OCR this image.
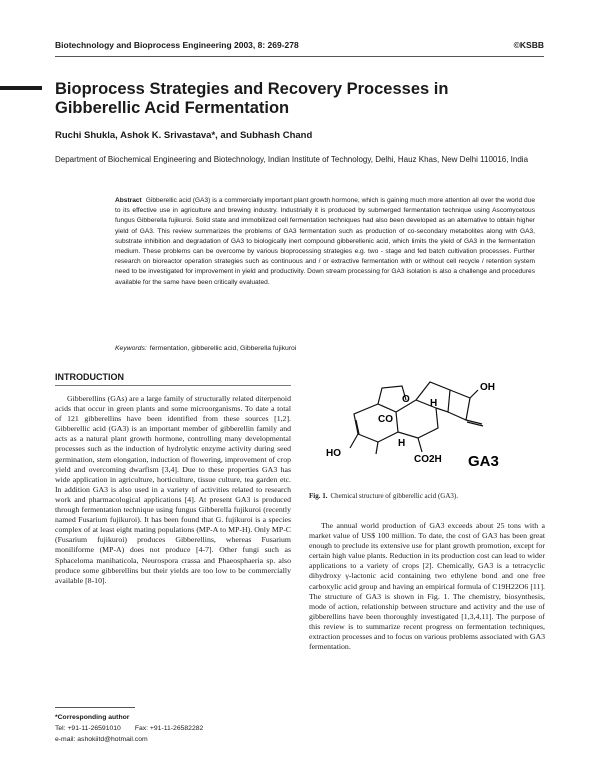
Biotechnology and Bioprocess Engineering 2003, 8: 269-278	©KSBB
Bioprocess Strategies and Recovery Processes in Gibberellic Acid Fermentation
Ruchi Shukla, Ashok K. Srivastava*, and Subhash Chand
Department of Biochemical Engineering and Biotechnology, Indian Institute of Technology, Delhi, Hauz Khas, New Delhi 110016, India
Abstract Gibberellic acid (GA3) is a commercially important plant growth hormone, which is gaining much more attention all over the world due to its effective use in agriculture and brewing industry. Industrially it is produced by submerged fermentation technique using Ascomycetous fungus Gibberella fujikuroi. Solid state and immobilized cell fermentation techniques had also been developed as an alternative to obtain higher yield of GA3. This review summarizes the problems of GA3 fermentation such as production of co-secondary metabolites along with GA3, substrate inhibition and degradation of GA3 to biologically inert compound gibberellenic acid, which limits the yield of GA3 in the fermentation medium. These problems can be overcome by various bioprocessing strategies e.g. two - stage and fed batch cultivation processes. Further research on bioreactor operation strategies such as continuous and / or extractive fermentation with or without cell recycle / retention system need to be investigated for improvement in yield and productivity. Down stream processing for GA3 isolation is also a challenge and procedures available for the same have been critically evaluated.
Keywords: fermentation, gibberellic acid, Gibberella fujikuroi
INTRODUCTION

Gibberellins (GAs) are a large family of structurally related diterpenoid acids that occur in green plants and some microorganisms. To date a total of 121 gibberellins have been identified from these sources [1,2]. Gibberellic acid (GA3) is an important member of gibberellin family and acts as a natural plant growth hormone, controlling many developmental processes such as the induction of hydrolytic enzyme activity during seed germination, stem elongation, induction of flowering, improvement of crop yield and overcoming dwarfism [3,4]. Due to these properties GA3 has wide application in agriculture, horticulture, tissue culture, tea garden etc. In addition GA3 is also used in a variety of activities related to research work and pharmacological applications [4]. At present GA3 is produced through fermentation technique using fungus Gibberella fujikuroi (recently named Fusarium fujikuroi). It has been found that G. fujikuroi is a species complex of at least eight mating populations (MP-A to MP-H). Only MP-C (Fusarium fujikuroi) produces Gibberellins, whereas Fusarium moniliforme (MP-A) does not produce [4-7]. Other fungi such as Sphaceloma manihaticola, Neurospora crassa and Phaeosphaeria sp. also produce some gibberellins but their yields are too low to be commercially available [8-10].

O
OH
CO
H
H
HO
CO2H GA3
Fig. 1. Chemical structure of gibberellic acid (GA3).

The annual world production of GA3 exceeds about 25 tons with a market value of US$ 100 million. To date, the cost of GA3 has been great enough to preclude its extensive use for plant growth promotion, except for certain high value plants. Reduction in its production cost can lead to wider applications to a variety of crops [2]. Chemically, GA3 is a tetracyclic dihydroxy γ-lactonic acid containing two ethylene bond and one free carboxylic acid group and having an empirical formula of C19H22O6 [11]. The structure of GA3 is shown in Fig. 1. The chemistry, biosynthesis, mode of action, relationship between structure and activity and the use of gibberellins have been thoroughly investigated [1,3,4,11]. The purpose of this review is to summarize recent progress on fermentation techniques, extraction processes and to focus on various problems associated with GA3 fermentation.

*Corresponding author
Tel: +91-11-26591010 Fax: +91-11-26582282
e-mail: ashokiitd@hotmail.com
